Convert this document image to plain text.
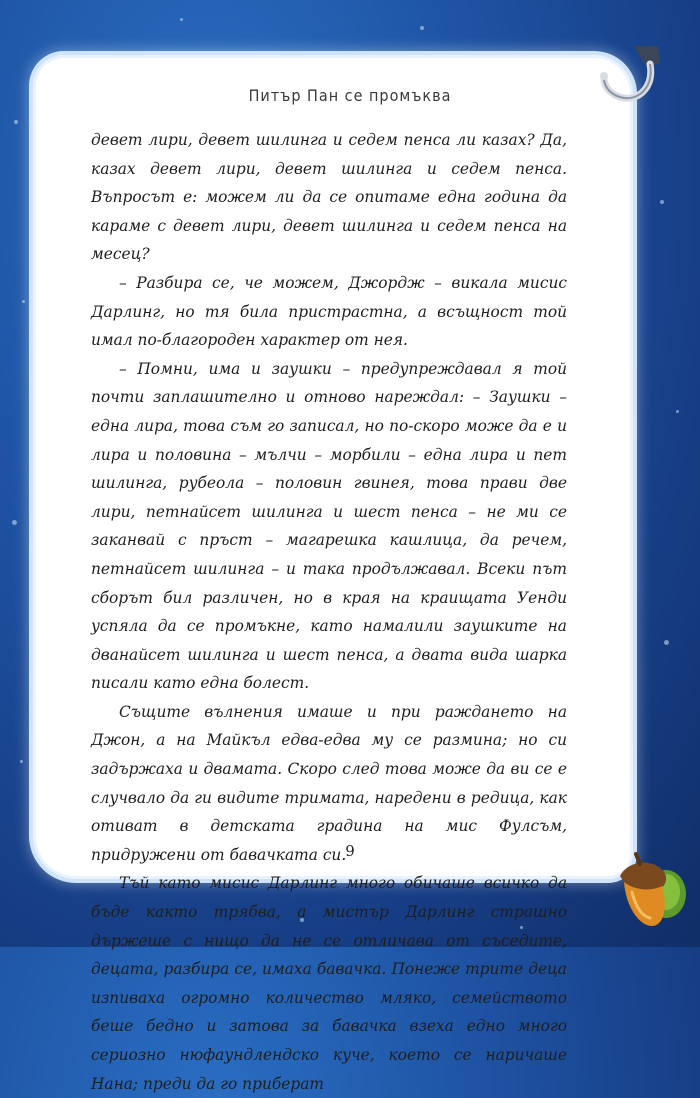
Питър Пан се промъква

девет лири, девет шилинга и седем пенса ли казах? Да, казах девет лири, девет шилинга и седем пенса. Въпросът е: можем ли да се опитаме една година да караме с девет лири, девет шилинга и седем пенса на месец?

– Разбира се, че можем, Джордж – викала мисис Дарлинг, но тя била пристрастна, а всъщност той имал по-благороден характер от нея.

– Помни, има и заушки – предупреждавал я той почти заплашително и отново нареждал: – Заушки – една лира, това съм го записал, но по-скоро може да е и лира и половина – мълчи – морбили – една лира и пет шилинга, рубеола – половин гвинея, това прави две лири, петнайсет шилинга и шест пенса – не ми се заканвай с пръст – магарешка кашлица, да речем, петнайсет шилинга – и така продължавал. Всеки път сборът бил различен, но в края на краищата Уенди успяла да се промъкне, като намалили заушките на дванайсет шилинга и шест пенса, а двата вида шарка писали като една болест.

Същите вълнения имаше и при раждането на Джон, а на Майкъл едва-едва му се размина; но си задържаха и двамата. Скоро след това може да ви се е случвало да ги видите тримата, наредени в редица, как отиват в детската градина на мис Фулсъм, придружени от бавачката си.

Тъй като мисис Дарлинг много обичаше всичко да бъде както трябва, а мистър Дарлинг страшно държеше с нищо да не се отличава от съседите, децата, разбира се, имаха бавачка. Понеже трите деца изпиваха огромно количество мляко, семейството беше бедно и затова за бавачка взеха едно много сериозно нюфаундлендско куче, което се наричаше Нана; преди да го приберат

9
